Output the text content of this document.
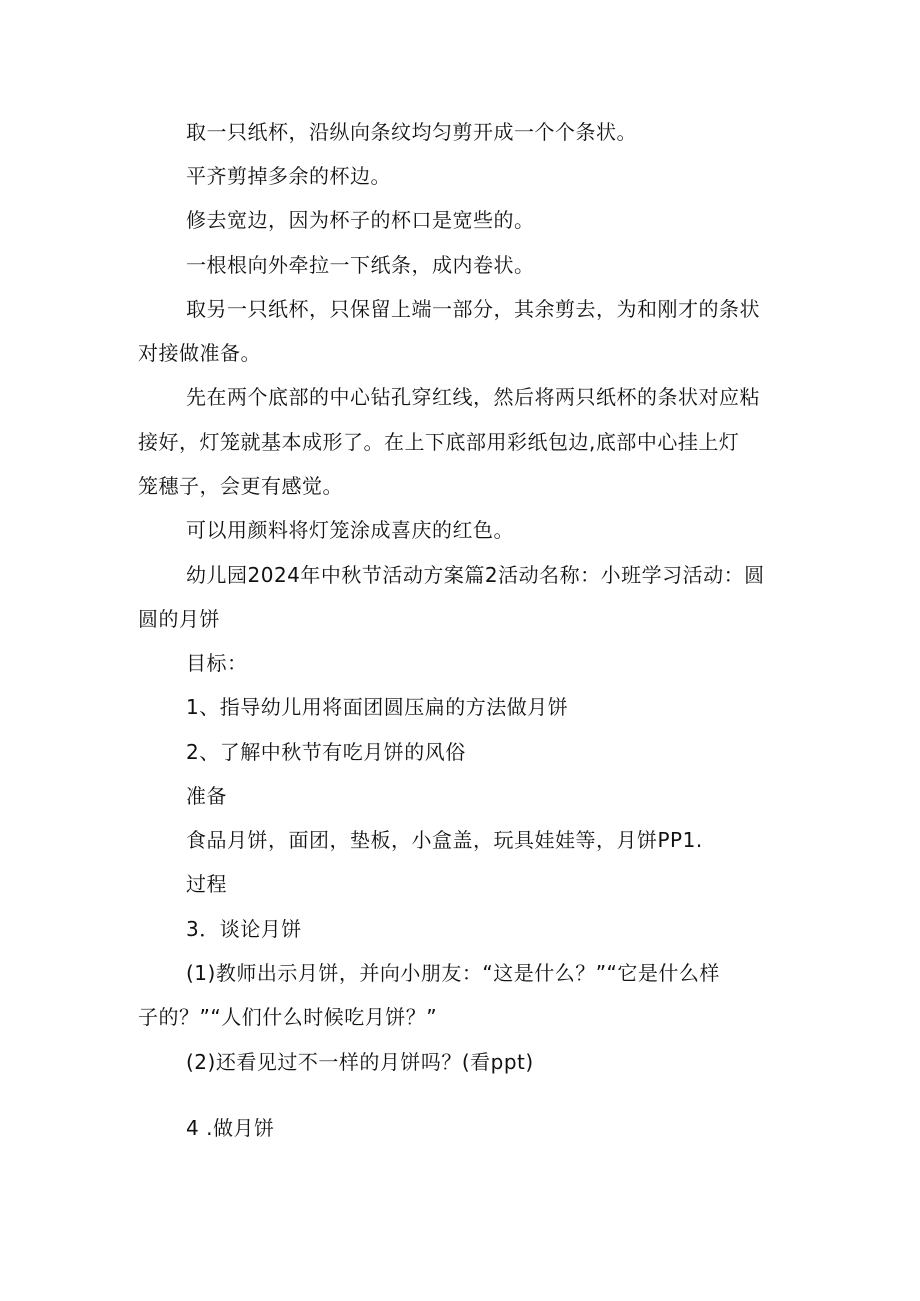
取一只纸杯，沿纵向条纹均匀剪开成一个个条状。
平齐剪掉多余的杯边。
修去宽边，因为杯子的杯口是宽些的。
一根根向外牵拉一下纸条，成内卷状。
取另一只纸杯，只保留上端一部分，其余剪去，为和刚才的条状
对接做准备。
先在两个底部的中心钻孔穿红线，然后将两只纸杯的条状对应粘
接好，灯笼就基本成形了。在上下底部用彩纸包边,底部中心挂上灯
笼穗子，会更有感觉。
可以用颜料将灯笼涂成喜庆的红色。
幼儿园2024年中秋节活动方案篇2活动名称：小班学习活动：圆
圆的月饼
目标：
1、指导幼儿用将面团圆压扁的方法做月饼
2、了解中秋节有吃月饼的风俗
准备
食品月饼，面团，垫板，小盒盖，玩具娃娃等，月饼PP1.
过程
3．谈论月饼
(1)教师出示月饼，并向小朋友：“这是什么？”“它是什么样
子的？”“人们什么时候吃月饼？”
(2)还看见过不一样的月饼吗？(看ppt)
4 .做月饼
